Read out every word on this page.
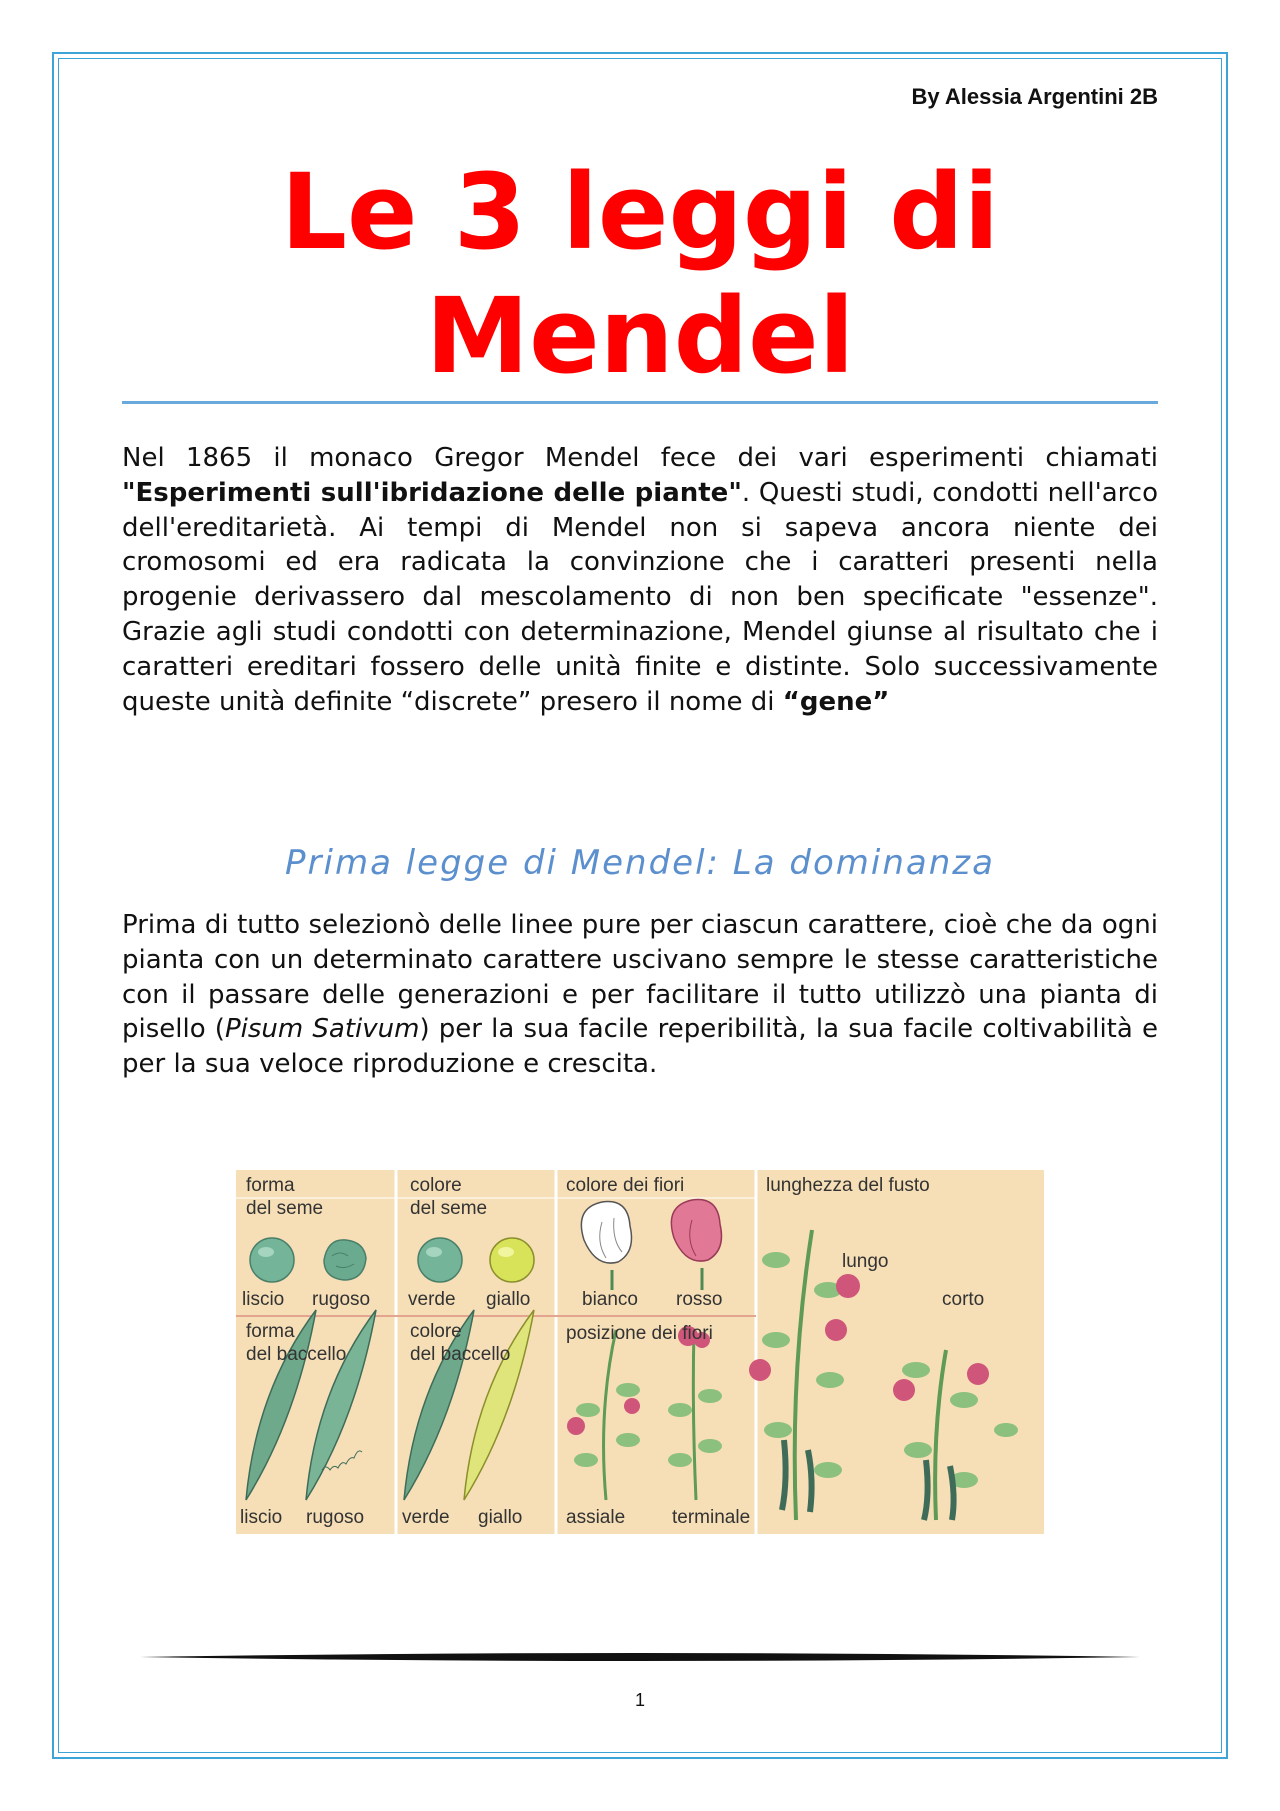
By Alessia Argentini 2B
Le 3 leggi di
Mendel

Nel 1865 il monaco Gregor Mendel fece dei vari esperimenti chiamati "Esperimenti sull'ibridazione delle piante". Questi studi, condotti nell'arco dell'ereditarietà. Ai tempi di Mendel non si sapeva ancora niente dei cromosomi ed era radicata la convinzione che i caratteri presenti nella progenie derivassero dal mescolamento di non ben specificate "essenze". Grazie agli studi condotti con determinazione, Mendel giunse al risultato che i caratteri ereditari fossero delle unità finite e distinte. Solo successivamente queste unità definite “discrete” presero il nome di “gene”

Prima legge di Mendel: La dominanza

Prima di tutto selezionò delle linee pure per ciascun carattere, cioè che da ogni pianta con un determinato carattere uscivano sempre le stesse caratteristiche con il passare delle generazioni e per facilitare il tutto utilizzò una pianta di pisello (Pisum Sativum) per la sua facile reperibilità, la sua facile coltivabilità e per la sua veloce riproduzione e crescita.

forma
del seme
colore
del seme
colore dei fiori	lunghezza del fusto
liscio rugoso verde giallo	bianco rosso
forma
del baccello
colore
del baccello
posizione dei fiori
lungo
corto
liscio rugoso verde giallo assiale terminale
1
